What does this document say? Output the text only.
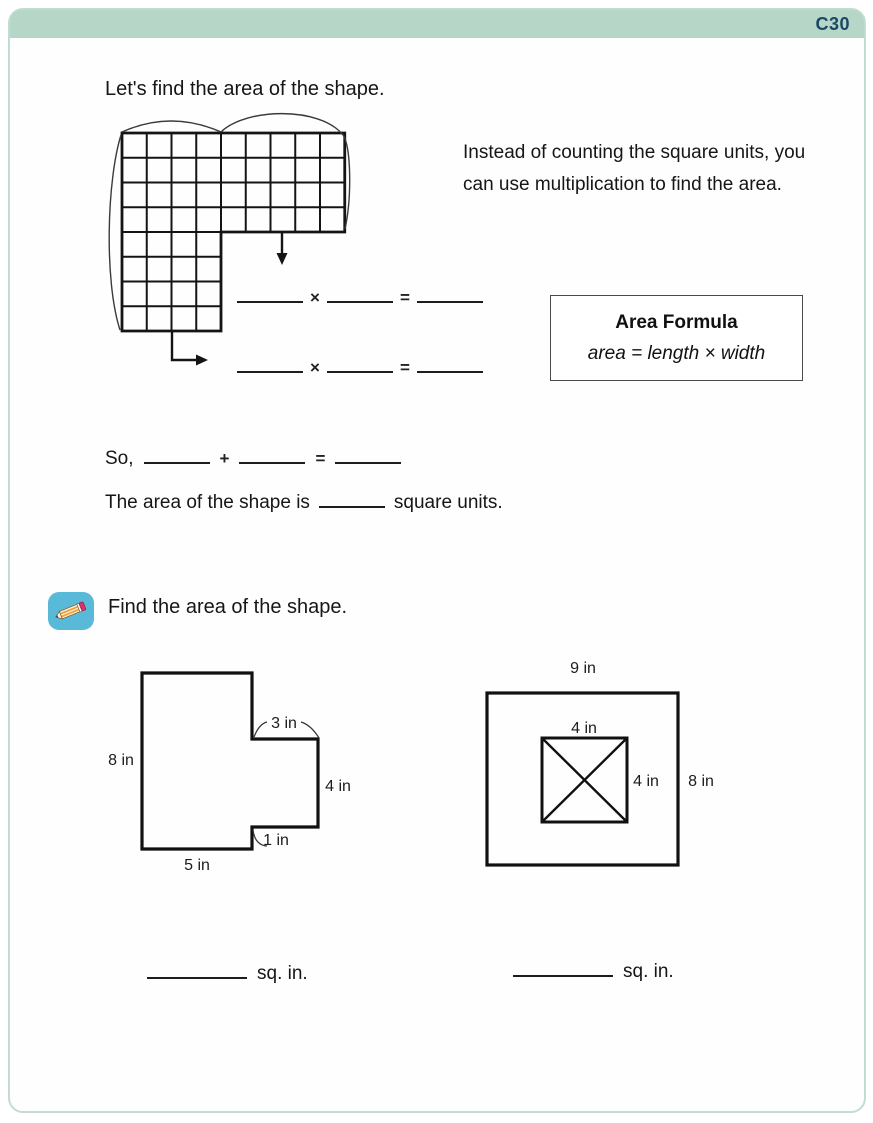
C30
Let's find the area of the shape.
Instead of counting the square units, you can use multiplication to find the area.
×	=
×	=
Area Formula
area = length × width
So,	+	=
The area of the shape is	square units.
Find the area of the shape.
8 in
3 in
4 in
1 in
5 in
9 in
4 in
4 in 8 in
sq. in.	sq. in.
